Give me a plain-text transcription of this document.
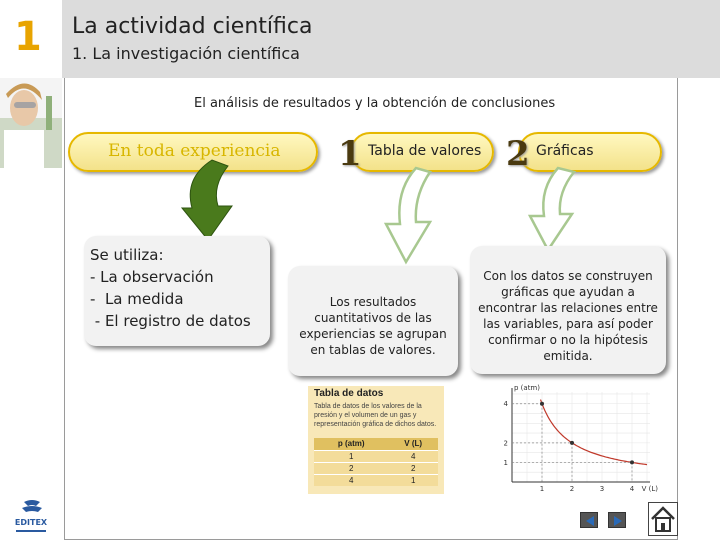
1 La actividad científica
1. La investigación científica
EDITEX
El análisis de resultados y la obtención de conclusiones
En toda experiencia 1 Tabla de valores 2 Gráficas
Se utiliza:
- La observación
-  La medida
- El registro de datos
Los resultados cuantitativos de las experiencias se agrupan en tablas de valores.
Con los datos se construyen gráficas que ayudan a encontrar las relaciones entre las variables, para así poder confirmar o no la hipótesis emitida.
Tabla de datos
Tabla de datos de los valores de la presión y el volumen de un gas y representación gráfica de dichos datos.
p (atm)	V (L)
1	4
2	2
4	1
1	2	3	4
1
2
4
p (atm)
V (L)
